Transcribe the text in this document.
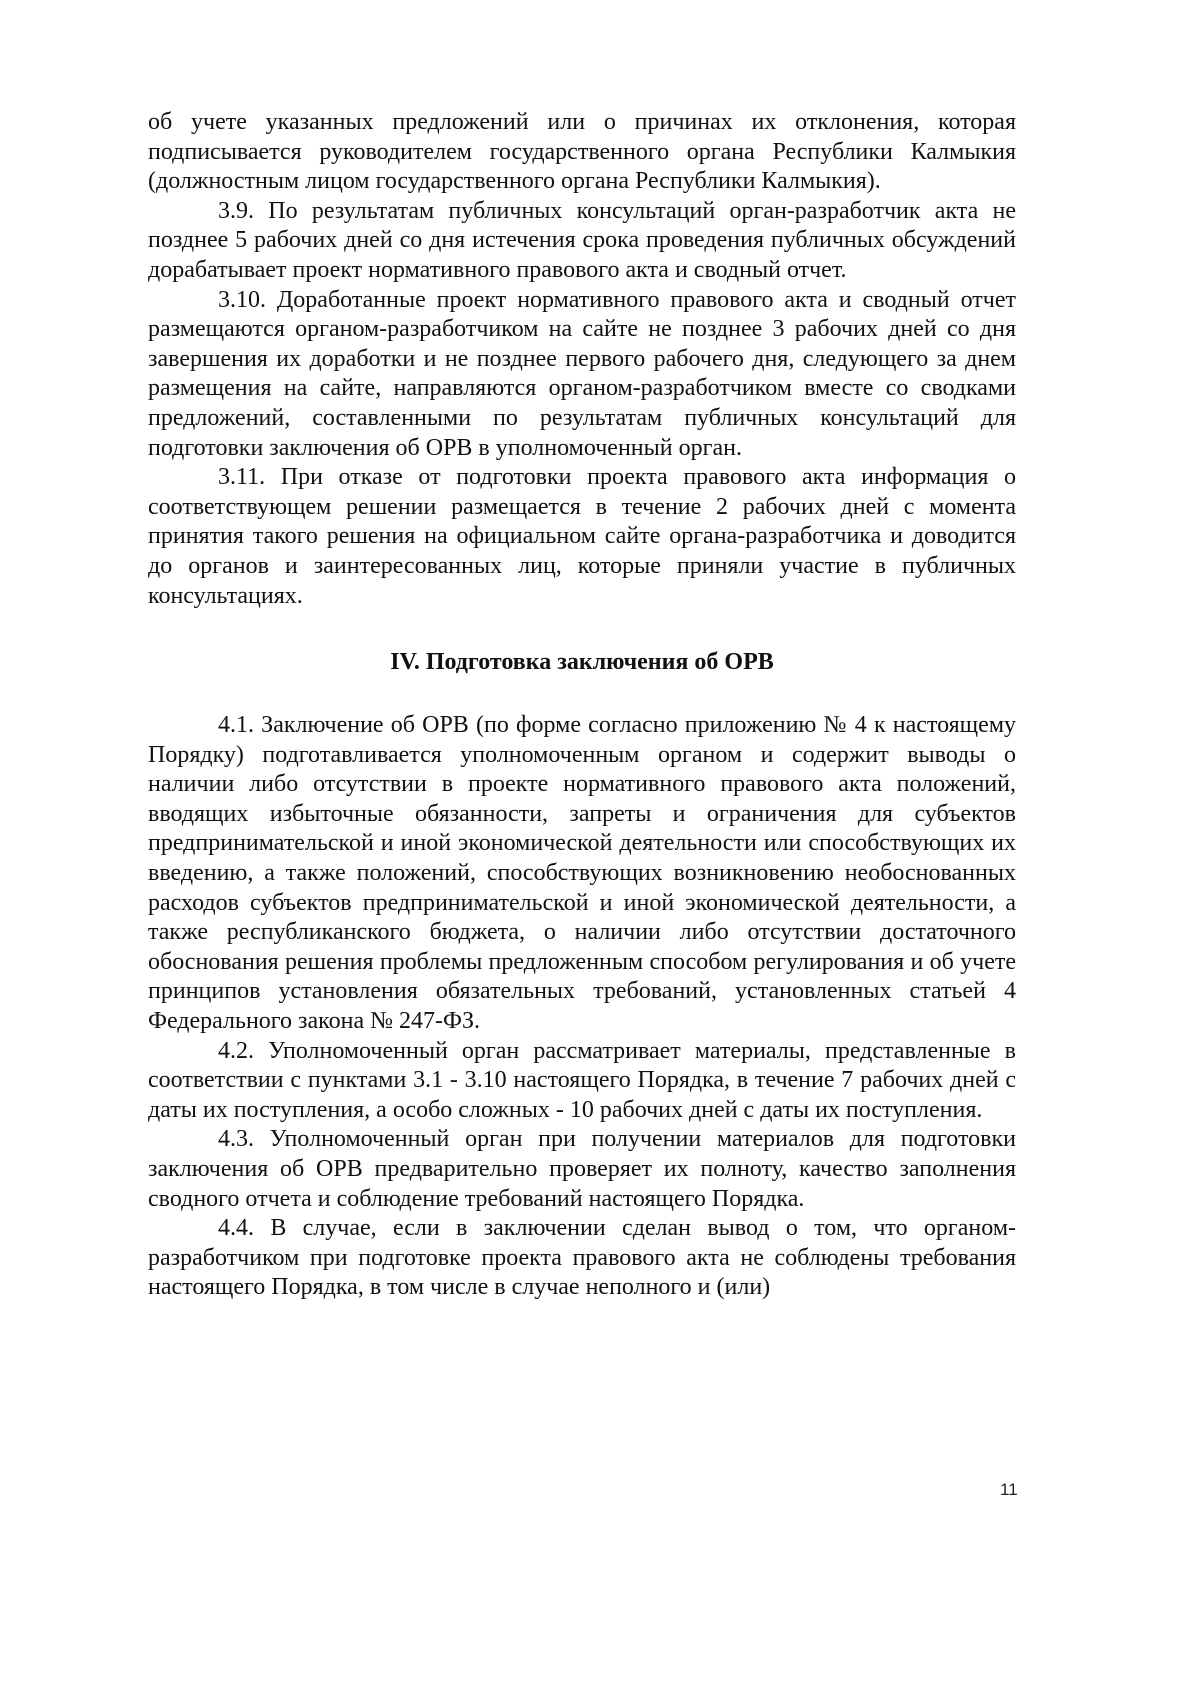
об учете указанных предложений или о причинах их отклонения, которая подписывается руководителем государственного органа Республики Калмыкия (должностным лицом государственного органа Республики Калмыкия).

3.9. По результатам публичных консультаций орган-разработчик акта не позднее 5 рабочих дней со дня истечения срока проведения публичных обсуждений дорабатывает проект нормативного правового акта и сводный отчет.

3.10. Доработанные проект нормативного правового акта и сводный отчет размещаются органом-разработчиком на сайте не позднее 3 рабочих дней со дня завершения их доработки и не позднее первого рабочего дня, следующего за днем размещения на сайте, направляются органом-разработчиком вместе со сводками предложений, составленными по результатам публичных консультаций для подготовки заключения об ОРВ в уполномоченный орган.

3.11. При отказе от подготовки проекта правового акта информация о соответствующем решении размещается в течение 2 рабочих дней с момента принятия такого решения на официальном сайте органа-разработчика и доводится до органов и заинтересованных лиц, которые приняли участие в публичных консультациях.

IV. Подготовка заключения об ОРВ

4.1. Заключение об ОРВ (по форме согласно приложению № 4 к настоящему Порядку) подготавливается уполномоченным органом и содержит выводы о наличии либо отсутствии в проекте нормативного правового акта положений, вводящих избыточные обязанности, запреты и ограничения для субъектов предпринимательской и иной экономической деятельности или способствующих их введению, а также положений, способствующих возникновению необоснованных расходов субъектов предпринимательской и иной экономической деятельности, а также республиканского бюджета, о наличии либо отсутствии достаточного обоснования решения проблемы предложенным способом регулирования и об учете принципов установления обязательных требований, установленных статьей 4 Федерального закона № 247-ФЗ.

4.2. Уполномоченный орган рассматривает материалы, представленные в соответствии с пунктами 3.1 - 3.10 настоящего Порядка, в течение 7 рабочих дней с даты их поступления, а особо сложных - 10 рабочих дней с даты их поступления.

4.3. Уполномоченный орган при получении материалов для подготовки заключения об ОРВ предварительно проверяет их полноту, качество заполнения сводного отчета и соблюдение требований настоящего Порядка.

4.4. В случае, если в заключении сделан вывод о том, что органом-разработчиком при подготовке проекта правового акта не соблюдены требования настоящего Порядка, в том числе в случае неполного и (или)

11
